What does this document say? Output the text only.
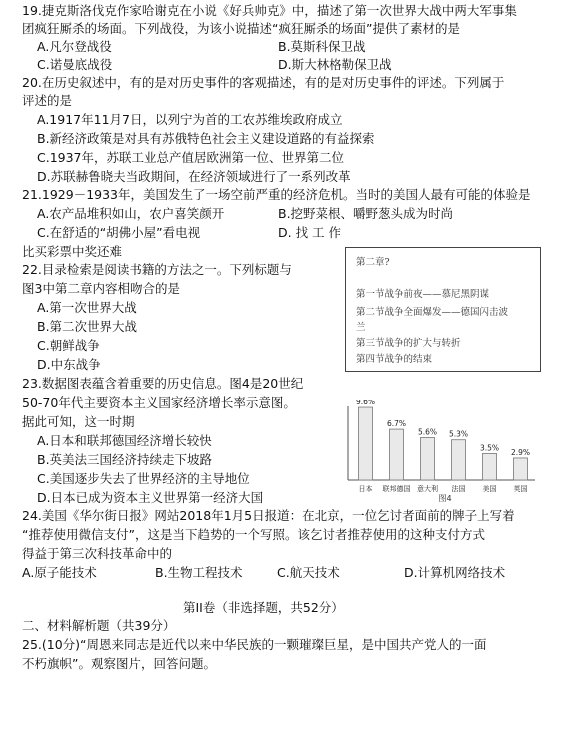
19.捷克斯洛伐克作家哈谢克在小说《好兵帅克》中，描述了第一次世界大战中两大军事集
团疯狂厮杀的场面。下列战役，为该小说描述“疯狂厮杀的场面”提供了素材的是
A.凡尔登战役	B.莫斯科保卫战
C.诺曼底战役	D.斯大林格勒保卫战
20.在历史叙述中，有的是对历史事件的客观描述，有的是对历史事件的评述。下列属于
评述的是
A.1917年11月7日，以列宁为首的工农苏维埃政府成立
B.新经济政策是对具有苏俄特色社会主义建设道路的有益探索
C.1937年，苏联工业总产值居欧洲第一位、世界第二位
D.苏联赫鲁晓夫当政期间，在经济领域进行了一系列改革
21.1929－1933年，美国发生了一场空前严重的经济危机。当时的美国人最有可能的体验是
A.农产品堆积如山，农户喜笑颜开	B.挖野菜根、嚼野葱头成为时尚
C.在舒适的“胡佛小屋”看电视	D. 找 工 作
比买彩票中奖还难
22.目录检索是阅读书籍的方法之一。下列标题与
图3中第二章内容相吻合的是
A.第一次世界大战
B.第二次世界大战
C.朝鲜战争
D.中东战争
第二章?
第一节战争前夜——慕尼黑阴谋
第二节战争全面爆发——德国闪击波
兰
第三节战争的扩大与转折
第四节战争的结束
23.数据图表蕴含着重要的历史信息。图4是20世纪
50-70年代主要资本主义国家经济增长率示意图。
据此可知，这一时期
A.日本和联邦德国经济增长较快
B.英美法三国经济持续走下坡路
C.美国逐步失去了世界经济的主导地位
D.日本已成为资本主义世界第一经济大国
9.6%
日本
6.7%
联邦德国
5.6%
意大利
5.3%
法国
3.5%
美国
2.9%
英国
图4
24.美国《华尔街日报》网站2018年1月5日报道：在北京，一位乞讨者面前的牌子上写着
“推荐使用微信支付”，这是当下趋势的一个写照。该乞讨者推荐使用的这种支付方式
得益于第三次科技革命中的
A.原子能技术	B.生物工程技术	C.航天技术	D.计算机网络技术
第II卷（非选择题，共52分）
二、材料解析题（共39分）
25.(10分)“周恩来同志是近代以来中华民族的一颗璀璨巨星，是中国共产党人的一面
不朽旗帜”。观察图片，回答问题。
